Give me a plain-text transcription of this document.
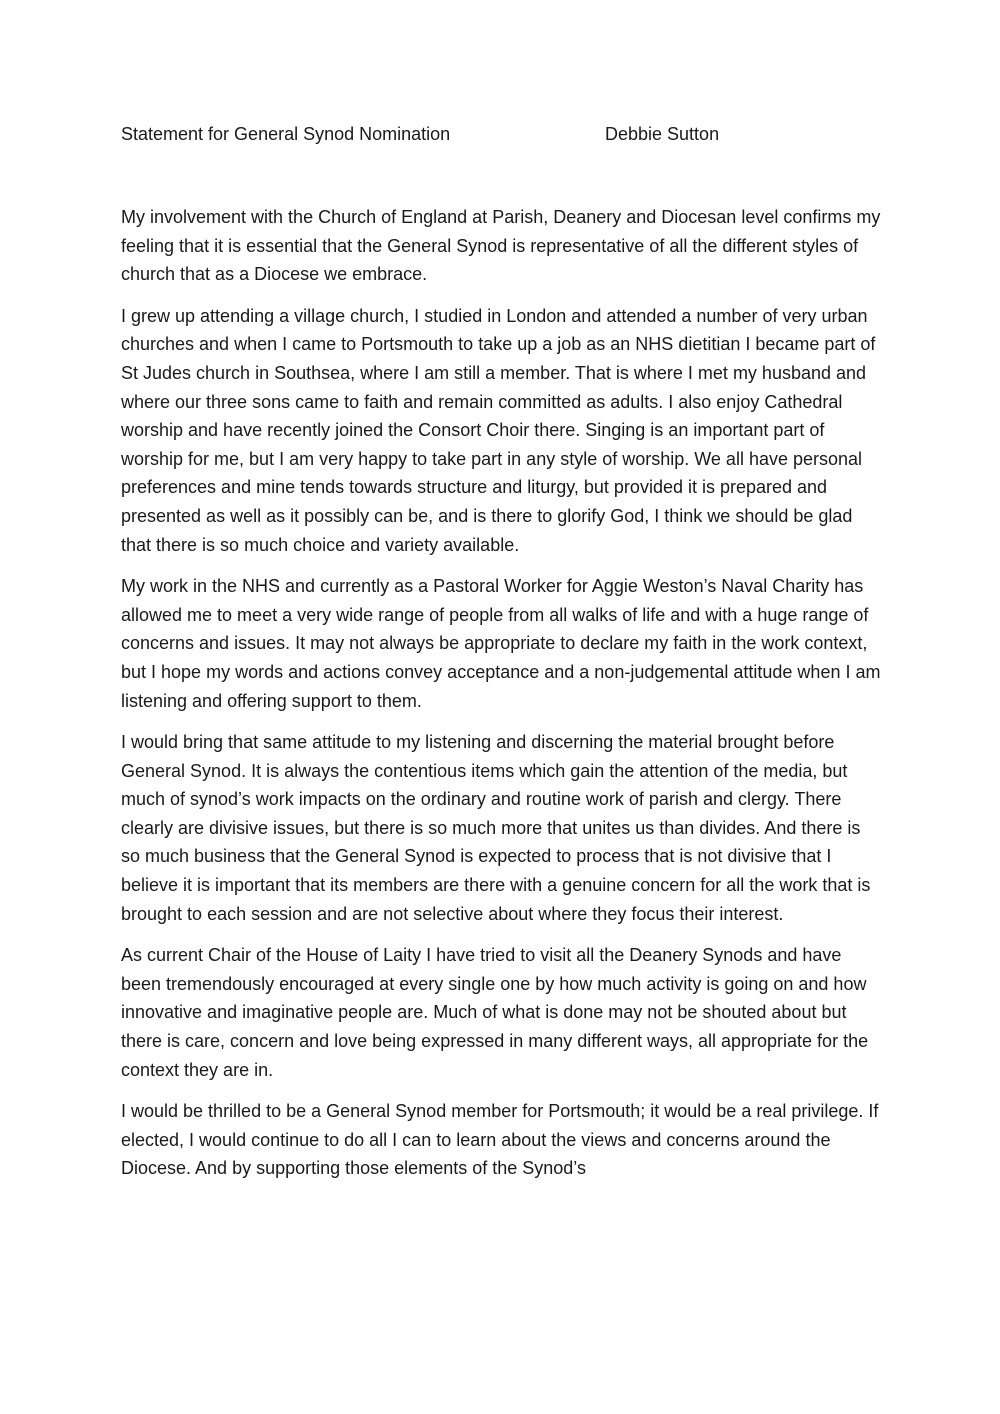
Statement for General Synod Nomination	Debbie Sutton

My involvement with the Church of England at Parish, Deanery and Diocesan level confirms my feeling that it is essential that the General Synod is representative of all the different styles of church that as a Diocese we embrace.

I grew up attending a village church, I studied in London and attended a number of very urban churches and when I came to Portsmouth to take up a job as an NHS dietitian I became part of St Judes church in Southsea, where I am still a member. That is where I met my husband and where our three sons came to faith and remain committed as adults. I also enjoy Cathedral worship and have recently joined the Consort Choir there. Singing is an important part of worship for me, but I am very happy to take part in any style of worship. We all have personal preferences and mine tends towards structure and liturgy, but provided it is prepared and presented as well as it possibly can be, and is there to glorify God, I think we should be glad that there is so much choice and variety available.

My work in the NHS and currently as a Pastoral Worker for Aggie Weston’s Naval Charity has allowed me to meet a very wide range of people from all walks of life and with a huge range of concerns and issues. It may not always be appropriate to declare my faith in the work context, but I hope my words and actions convey acceptance and a non-judgemental attitude when I am listening and offering support to them.

I would bring that same attitude to my listening and discerning the material brought before General Synod. It is always the contentious items which gain the attention of the media, but much of synod’s work impacts on the ordinary and routine work of parish and clergy. There clearly are divisive issues, but there is so much more that unites us than divides. And there is so much business that the General Synod is expected to process that is not divisive that I believe it is important that its members are there with a genuine concern for all the work that is brought to each session and are not selective about where they focus their interest.

As current Chair of the House of Laity I have tried to visit all the Deanery Synods and have been tremendously encouraged at every single one by how much activity is going on and how innovative and imaginative people are. Much of what is done may not be shouted about but there is care, concern and love being expressed in many different ways, all appropriate for the context they are in.

I would be thrilled to be a General Synod member for Portsmouth; it would be a real privilege. If elected, I would continue to do all I can to learn about the views and concerns around the Diocese. And by supporting those elements of the Synod’s
